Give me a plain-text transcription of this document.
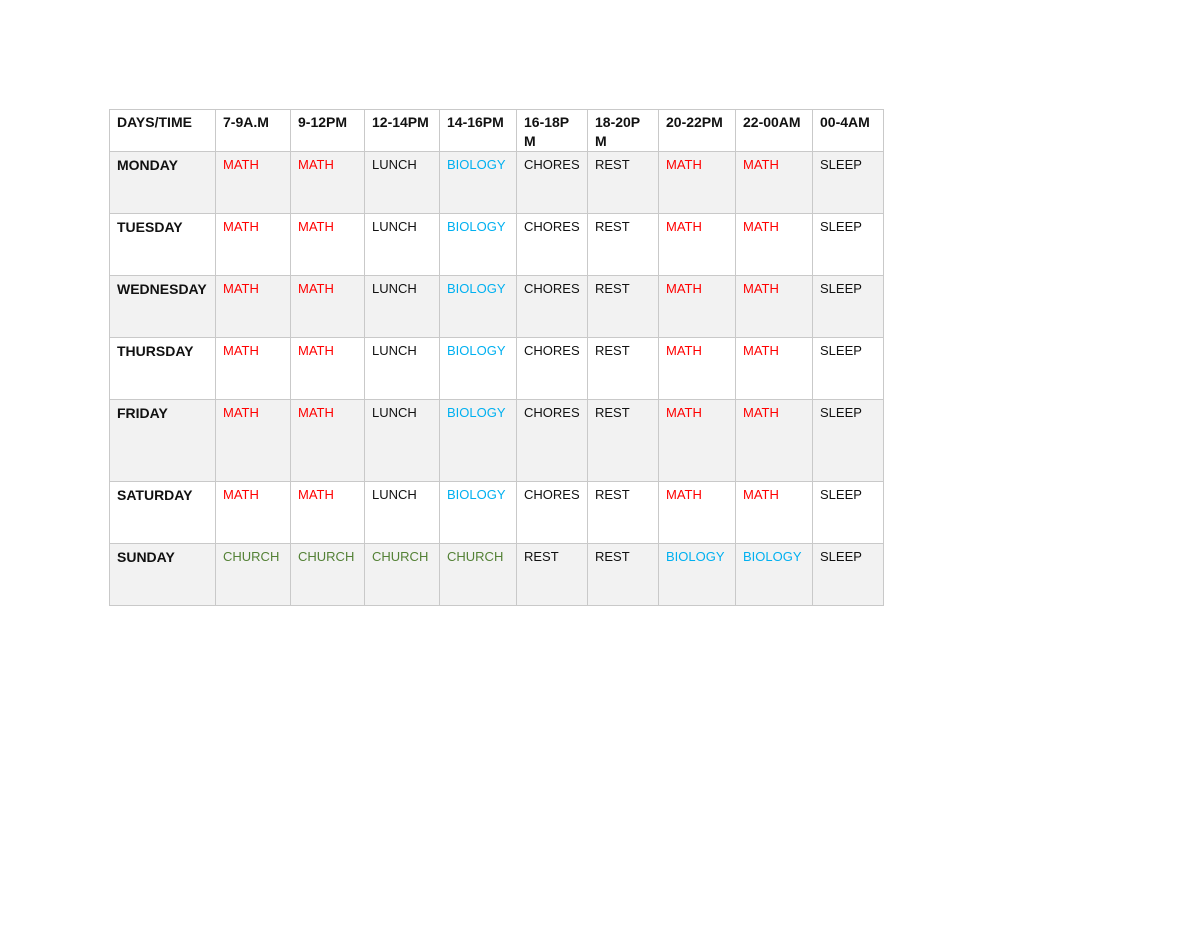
DAYS/TIME	7-9A.M	9-12PM	12-14PM	14-16PM	16-18PM	18-20PM	20-22PM	22-00AM	00-4AM
MONDAY	MATH	MATH	LUNCH	BIOLOGY	CHORES	REST	MATH	MATH	SLEEP
TUESDAY	MATH	MATH	LUNCH	BIOLOGY	CHORES	REST	MATH	MATH	SLEEP
WEDNESDAY	MATH	MATH	LUNCH	BIOLOGY	CHORES	REST	MATH	MATH	SLEEP
THURSDAY	MATH	MATH	LUNCH	BIOLOGY	CHORES	REST	MATH	MATH	SLEEP
FRIDAY	MATH	MATH	LUNCH	BIOLOGY	CHORES	REST	MATH	MATH	SLEEP
SATURDAY	MATH	MATH	LUNCH	BIOLOGY	CHORES	REST	MATH	MATH	SLEEP
SUNDAY	CHURCH	CHURCH	CHURCH	CHURCH	REST	REST	BIOLOGY	BIOLOGY	SLEEP
